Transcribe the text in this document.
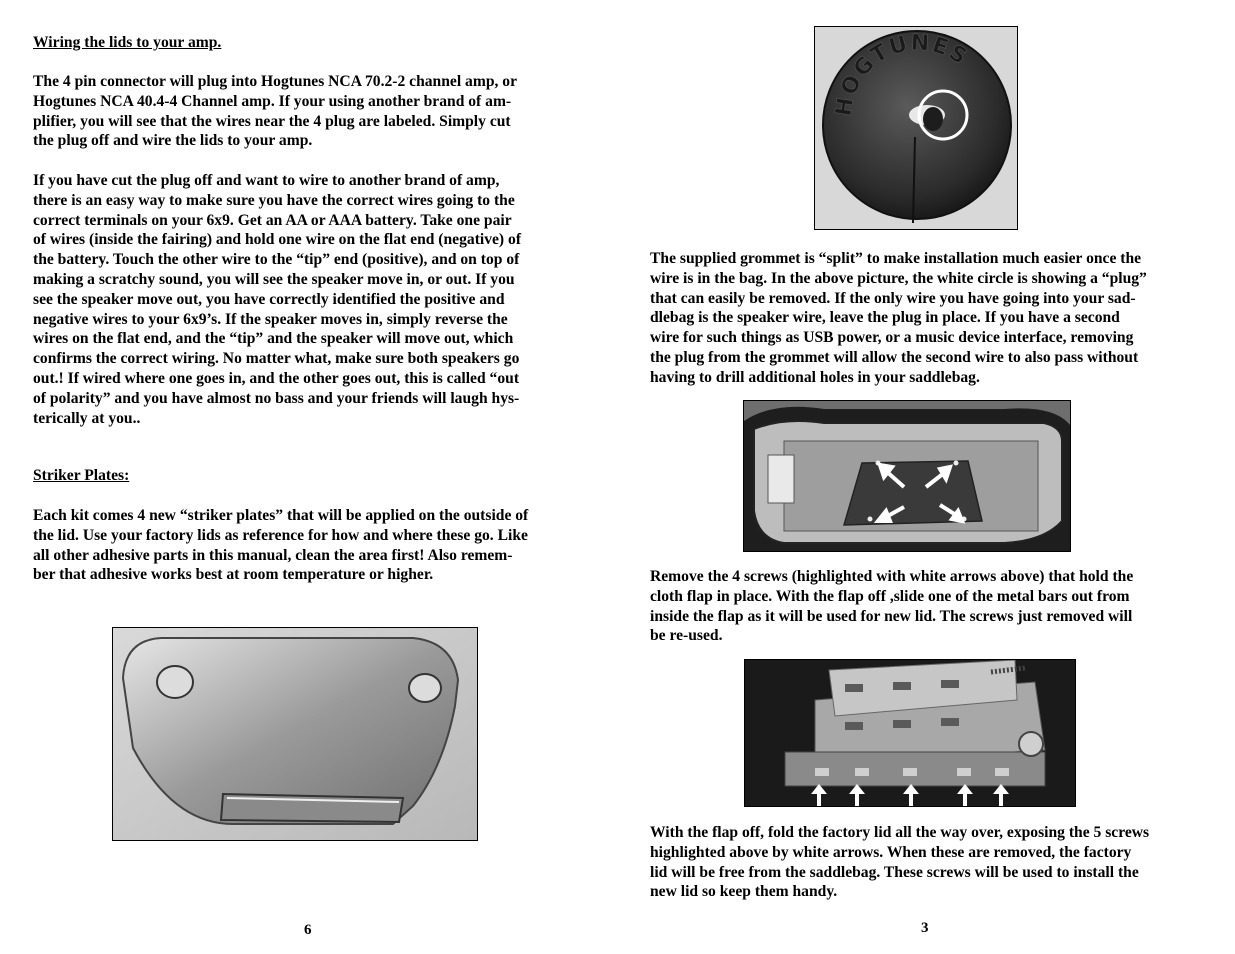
Wiring the lids to your amp.
The 4 pin connector will plug into Hogtunes NCA 70.2-2 channel amp, or
Hogtunes NCA 40.4-4 Channel amp. If your using another brand of am-
plifier, you will see that the wires near the 4 plug are labeled. Simply cut
the plug off and wire the lids to your amp.
If you have cut the plug off and want to wire to another brand of amp,
there is an easy way to make sure you have the correct wires going to the
correct terminals on your 6x9. Get an AA or AAA battery. Take one pair
of wires (inside the fairing) and hold one wire on the flat end (negative) of
the battery. Touch the other wire to the “tip” end (positive), and on top of
making a scratchy sound, you will see the speaker move in, or out. If you
see the speaker move out, you have correctly identified the positive and
negative wires to your 6x9’s. If the speaker moves in, simply reverse the
wires on the flat end, and the “tip” and the speaker will move out, which
confirms the correct wiring. No matter what, make sure both speakers go
out.! If wired where one goes in, and the other goes out, this is called “out
of polarity” and you have almost no bass and your friends will laugh hys-
terically at you..
Striker Plates:
Each kit comes 4 new “striker plates” that will be applied on the outside of
the lid. Use your factory lids as reference for how and where these go. Like
all other adhesive parts in this manual, clean the area first! Also remem-
ber that adhesive works best at room temperature or higher.
6
HOGTUNES
The supplied grommet is “split” to make installation much easier once the
wire is in the bag. In the above picture, the white circle is showing a “plug”
that can easily be removed. If the only wire you have going into your sad-
dlebag is the speaker wire, leave the plug in place. If you have a second
wire for such things as USB power, or a music device interface, removing
the plug from the grommet will allow the second wire to also pass without
having to drill additional holes in your saddlebag.
Remove the 4 screws (highlighted with white arrows above) that hold the
cloth flap in place. With the flap off ,slide one of the metal bars out from
inside the flap as it will be used for new lid. The screws just removed will
be re-used.
With the flap off, fold the factory lid all the way over, exposing the 5 screws
highlighted above by white arrows. When these are removed, the factory
lid will be free from the saddlebag. These screws will be used to install the
new lid so keep them handy.
3
